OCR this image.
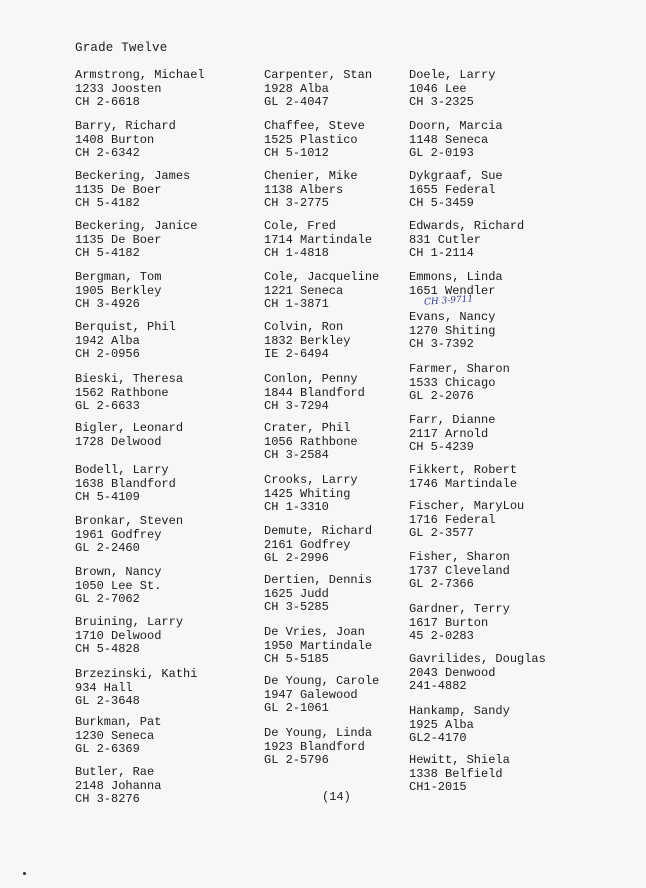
Grade Twelve
Armstrong, Michael
1233 Joosten
CH 2-6618
Barry, Richard
1408 Burton
CH 2-6342
Beckering, James
1135 De Boer
CH 5-4182
Beckering, Janice
1135 De Boer
CH 5-4182
Bergman, Tom
1905 Berkley
CH 3-4926
Berquist, Phil
1942 Alba
CH 2-0956
Bieski, Theresa
1562 Rathbone
GL 2-6633
Bigler, Leonard
1728 Delwood
Bodell, Larry
1638 Blandford
CH 5-4109
Bronkar, Steven
1961 Godfrey
GL 2-2460
Brown, Nancy
1050 Lee St.
GL 2-7062
Bruining, Larry
1710 Delwood
CH 5-4828
Brzezinski, Kathi
934 Hall
GL 2-3648
Burkman, Pat
1230 Seneca
GL 2-6369
Butler, Rae
2148 Johanna
CH 3-8276
Carpenter, Stan
1928 Alba
GL 2-4047
Chaffee, Steve
1525 Plastico
CH 5-1012
Chenier, Mike
1138 Albers
CH 3-2775
Cole, Fred
1714 Martindale
CH 1-4818
Cole, Jacqueline
1221 Seneca
CH 1-3871
Colvin, Ron
1832 Berkley
IE 2-6494
Conlon, Penny
1844 Blandford
CH 3-7294
Crater, Phil
1056 Rathbone
CH 3-2584
Crooks, Larry
1425 Whiting
CH 1-3310
Demute, Richard
2161 Godfrey
GL 2-2996
Dertien, Dennis
1625 Judd
CH 3-5285
De Vries, Joan
1950 Martindale
CH 5-5185
De Young, Carole
1947 Galewood
GL 2-1061
De Young, Linda
1923 Blandford
GL 2-5796
Doele, Larry
1046 Lee
CH 3-2325
Doorn, Marcia
1148 Seneca
GL 2-0193
Dykgraaf, Sue
1655 Federal
CH 5-3459
Edwards, Richard
831 Cutler
CH 1-2114
Emmons, Linda
1651 Wendler
Evans, Nancy
1270 Shiting
CH 3-7392
Farmer, Sharon
1533 Chicago
GL 2-2076
Farr, Dianne
2117 Arnold
CH 5-4239
Fikkert, Robert
1746 Martindale
Fischer, MaryLou
1716 Federal
GL 2-3577
Fisher, Sharon
1737 Cleveland
GL 2-7366
Gardner, Terry
1617 Burton
45 2-0283
Gavrilides, Douglas
2043 Denwood
241-4882
Hankamp, Sandy
1925 Alba
GL2-4170
Hewitt, Shiela
1338 Belfield
CH1-2015
CH 3-9711
(14)
